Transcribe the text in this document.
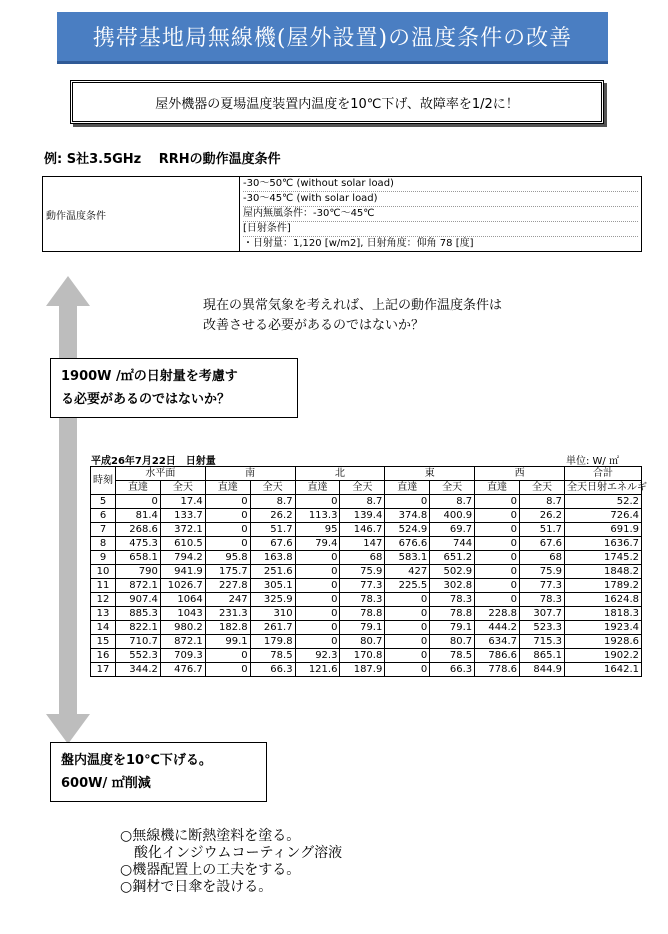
携帯基地局無線機(屋外設置)の温度条件の改善
屋外機器の夏場温度装置内温度を10℃下げ、故障率を1/2に！
例: S社3.5GHz　 RRHの動作温度条件
動作温度条件	
-30～50℃ (without solar load)
-30～45℃ (with solar load)
屋内無風条件：-30℃～45℃
[日射条件]
・日射量：1,120 [w/m2], 日射角度：仰角 78 [度]
現在の異常気象を考えれば、上記の動作温度条件は
改善させる必要があるのではないか？
1900W /㎡の日射量を考慮す
る必要があるのではないか？
平成26年7月22日　日射量	単位: W/ ㎡
時刻	水平面		南		北		東		西		合計
	直達	全天	直達	全天	直達	全天	直達	全天	直達	全天	全天日射エネルギ
5	0	17.4	0	8.7	0	8.7	0	8.7	0	8.7	52.2
6	81.4	133.7	0	26.2	113.3	139.4	374.8	400.9	0	26.2	726.4
7	268.6	372.1	0	51.7	95	146.7	524.9	69.7	0	51.7	691.9
8	475.3	610.5	0	67.6	79.4	147	676.6	744	0	67.6	1636.7
9	658.1	794.2	95.8	163.8	0	68	583.1	651.2	0	68	1745.2
10	790	941.9	175.7	251.6	0	75.9	427	502.9	0	75.9	1848.2
11	872.1	1026.7	227.8	305.1	0	77.3	225.5	302.8	0	77.3	1789.2
12	907.4	1064	247	325.9	0	78.3	0	78.3	0	78.3	1624.8
13	885.3	1043	231.3	310	0	78.8	0	78.8	228.8	307.7	1818.3
14	822.1	980.2	182.8	261.7	0	79.1	0	79.1	444.2	523.3	1923.4
15	710.7	872.1	99.1	179.8	0	80.7	0	80.7	634.7	715.3	1928.6
16	552.3	709.3	0	78.5	92.3	170.8	0	78.5	786.6	865.1	1902.2
17	344.2	476.7	0	66.3	121.6	187.9	0	66.3	778.6	844.9	1642.1
盤内温度を10℃下げる。
600W/ ㎡削減
○無線機に断熱塗料を塗る。
　酸化インジウムコーティング溶液
○機器配置上の工夫をする。
○鋼材で日傘を設ける。
